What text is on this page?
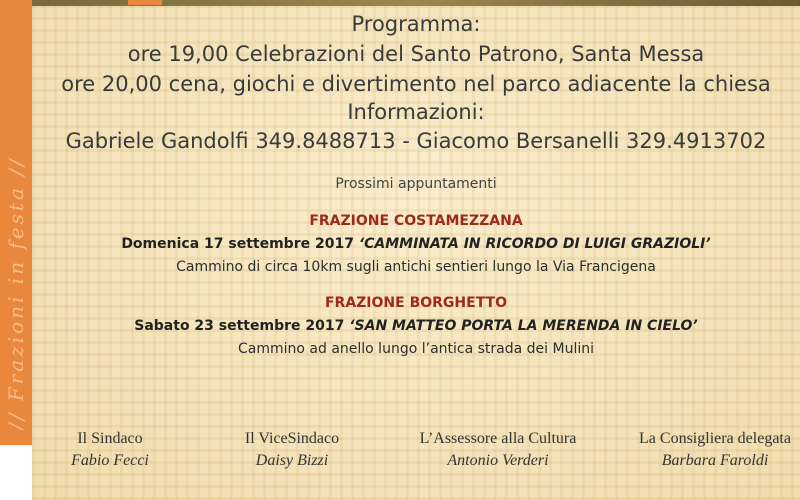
// Frazioni in festa //
Programma:
ore 19,00 Celebrazioni del Santo Patrono, Santa Messa
ore 20,00 cena, giochi e divertimento nel parco adiacente la chiesa
Informazioni:
Gabriele Gandolfi 349.8488713 - Giacomo Bersanelli 329.4913702
Prossimi appuntamenti
FRAZIONE COSTAMEZZANA
Domenica 17 settembre 2017 ‘CAMMINATA IN RICORDO DI LUIGI GRAZIOLI’
Cammino di circa 10km sugli antichi sentieri lungo la Via Francigena
FRAZIONE BORGHETTO
Sabato 23 settembre 2017 ‘SAN MATTEO PORTA LA MERENDA IN CIELO’
Cammino ad anello lungo l’antica strada dei Mulini
Il Sindaco
Fabio Fecci
Il ViceSindaco
Daisy Bizzi
L’Assessore alla Cultura
Antonio Verderi
La Consigliera delegata
Barbara Faroldi
